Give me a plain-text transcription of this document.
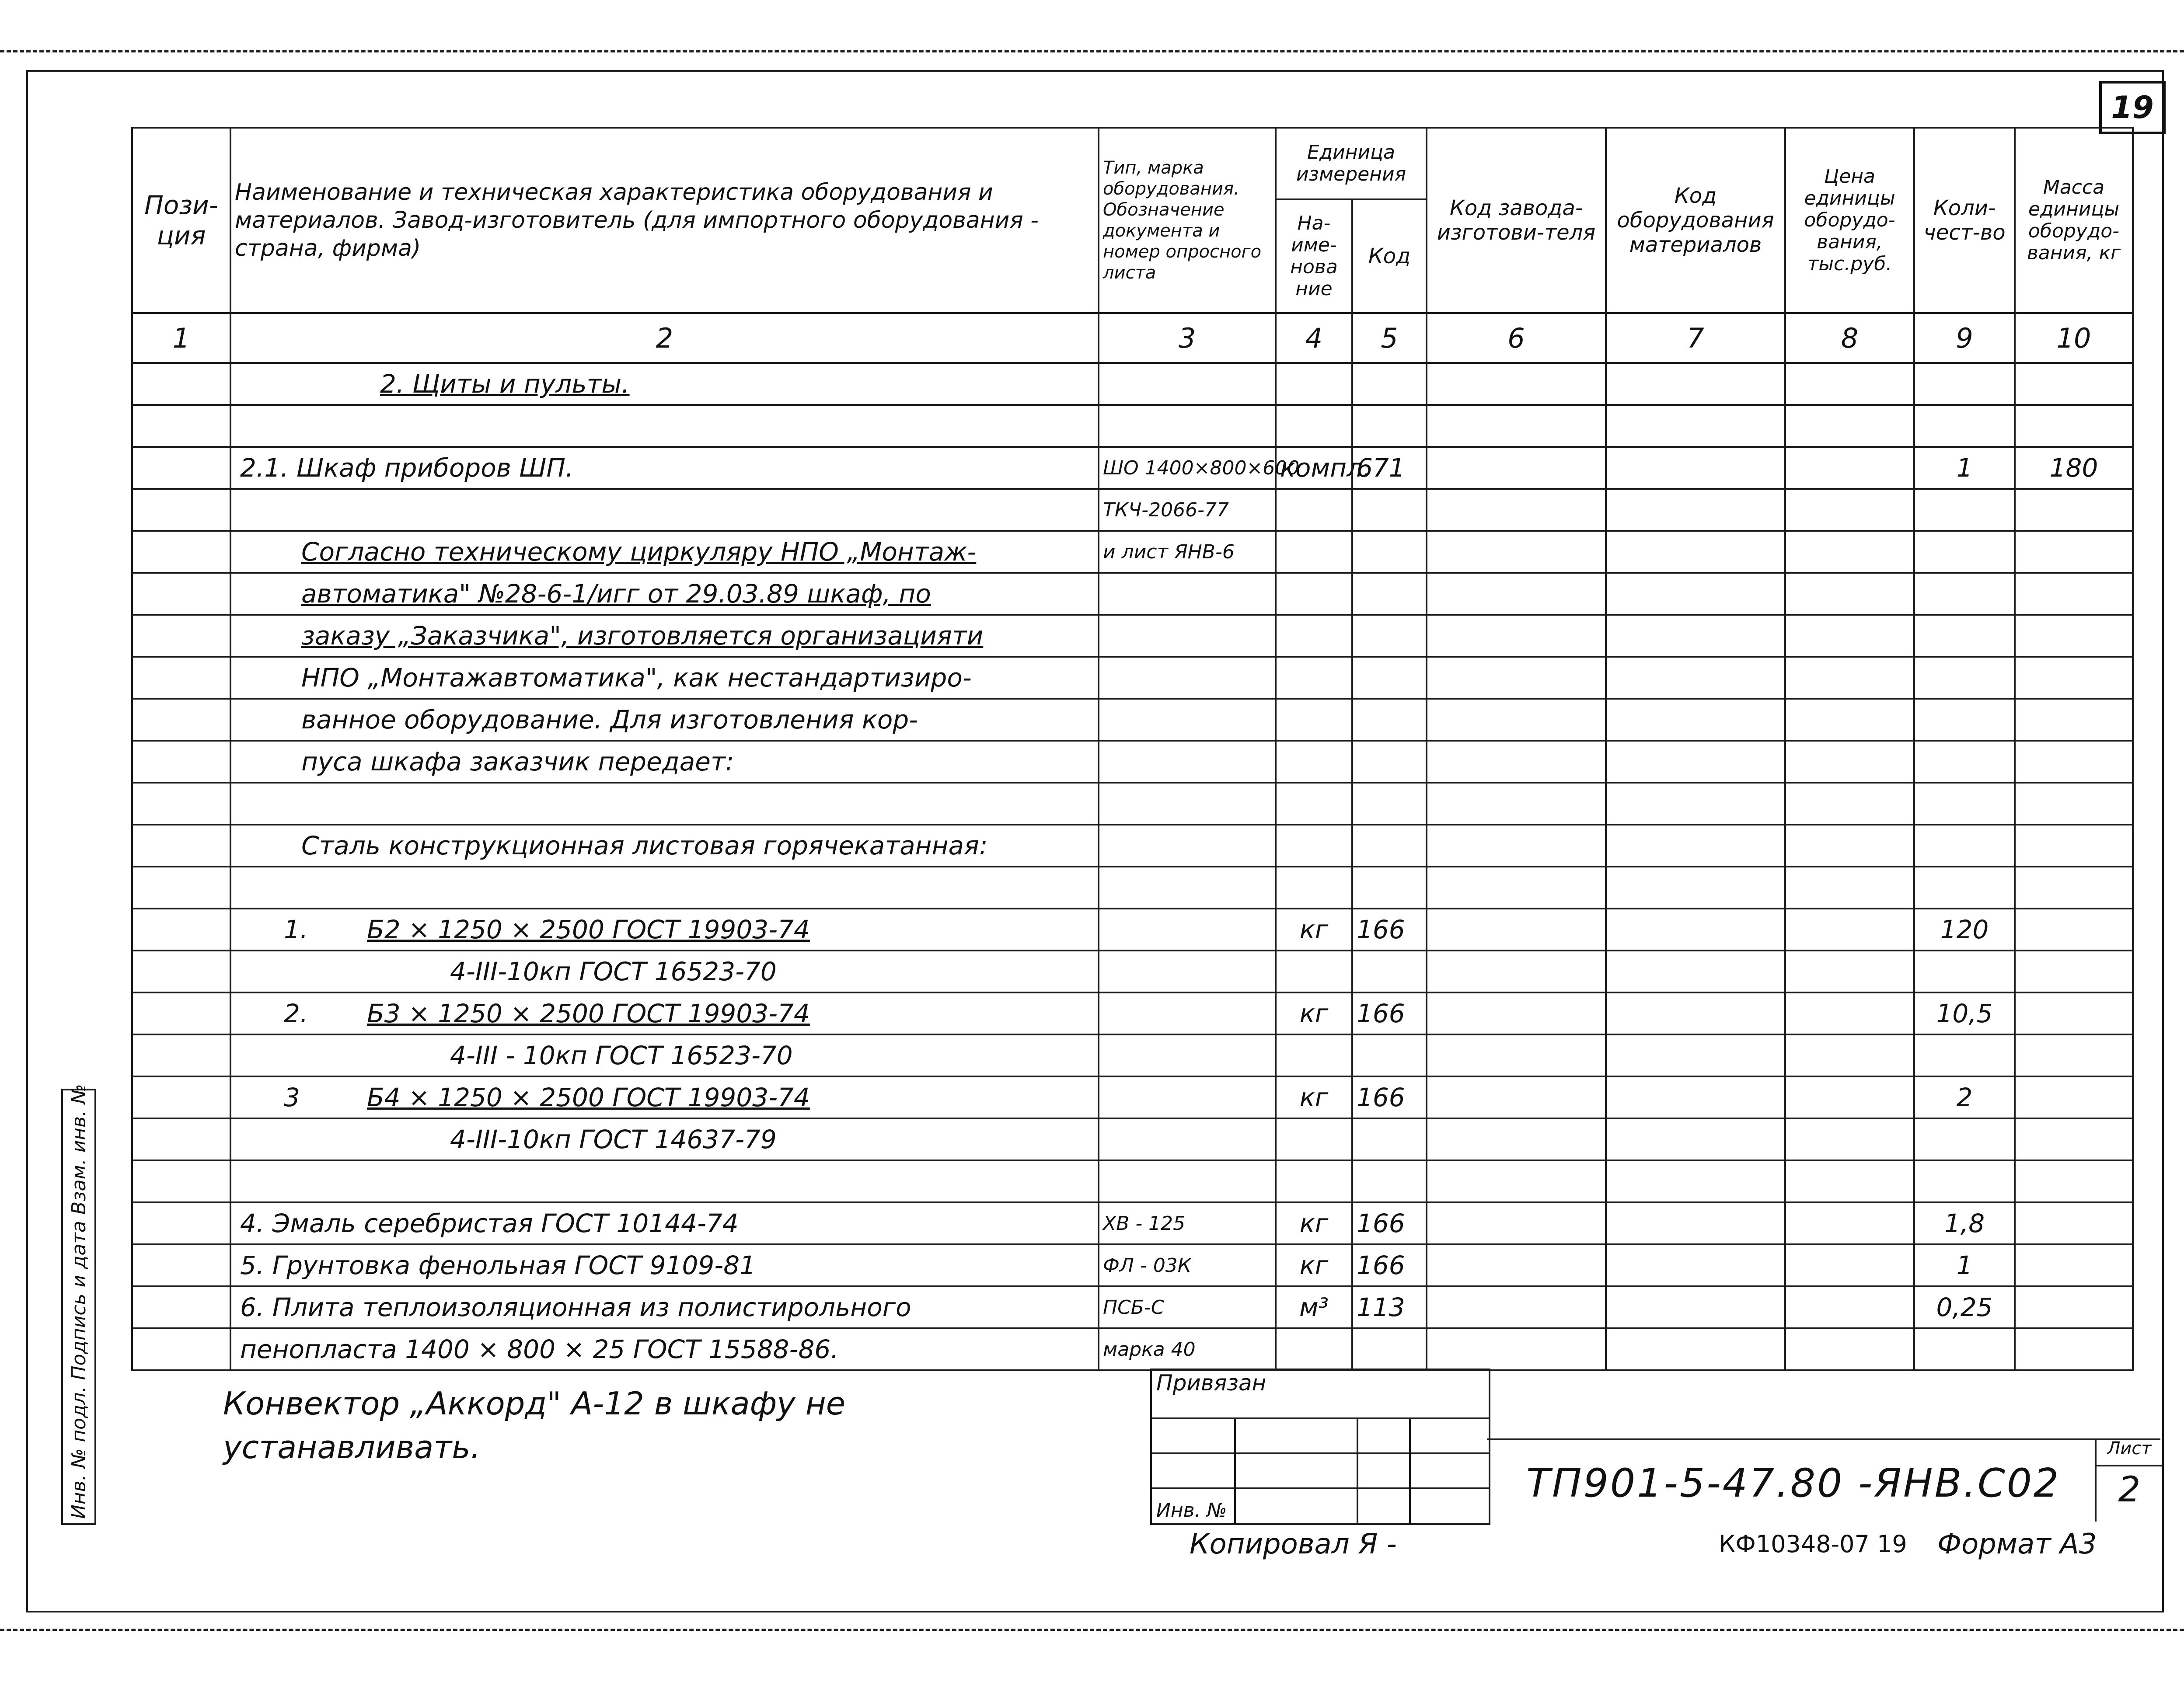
19
Пози-ция	Наименование и техническая характеристика оборудования и материалов. Завод-изготовитель (для импортного оборудования - страна, фирма)	Тип, марка оборудования. Обозначение документа и номер опросного листа	Единица измерения		Код завода-изготови-теля	Код оборудования материалов	Цена единицы оборудо-вания, тыс.руб.	Коли-чест-во	Масса единицы оборудо-вания, кг
			На-име-нова ние	Код					
1	2	3	4	5	6	7	8	9	10
	2. Щиты и пульты.								

	2.1. Шкаф приборов ШП.	ШО 1400×800×600	компл.	671				1	180
		ТКЧ-2066-77							
	Согласно техническому циркуляру НПО „Монтаж-	и лист ЯНВ-6							
	автоматика" №28-6-1/игг от 29.03.89 шкаф, по								
	заказу „Заказчика", изготовляется организацияти								
	НПО „Монтажавтоматика", как нестандартизиро-								
	ванное оборудование. Для изготовления кор-								
	пуса шкафа заказчик передает:								

	Сталь конструкционная листовая горячекатанная:								

	1. Б2 × 1250 × 2500 ГОСТ 19903-74		кг	166				120	
	4-III-10кп ГОСТ 16523-70								
	2. Б3 × 1250 × 2500 ГОСТ 19903-74		кг	166				10,5	
	4-III - 10кп ГОСТ 16523-70								
	3 Б4 × 1250 × 2500 ГОСТ 19903-74		кг	166				2	
	4-III-10кп ГОСТ 14637-79								

	4. Эмаль серебристая ГОСТ 10144-74	ХВ - 125	кг	166				1,8	
	5. Грунтовка фенольная ГОСТ 9109-81	ФЛ - 03К	кг	166				1	
	6. Плита теплоизоляционная из полистирольного	ПСБ-С	м³	113				0,25	
	пенопласта 1400 × 800 × 25 ГОСТ 15588-86.	марка 40							
Инв. № подл. Подпись и дата Взам. инв. №	Конвектор „Аккорд" А-12 в шкафу не
устанавливать.
Привязан
Инв. №
ТП901-5-47.80 -ЯНВ.С02
Лист
2
Копировал Я -	КФ10348-07 19 Формат А3
